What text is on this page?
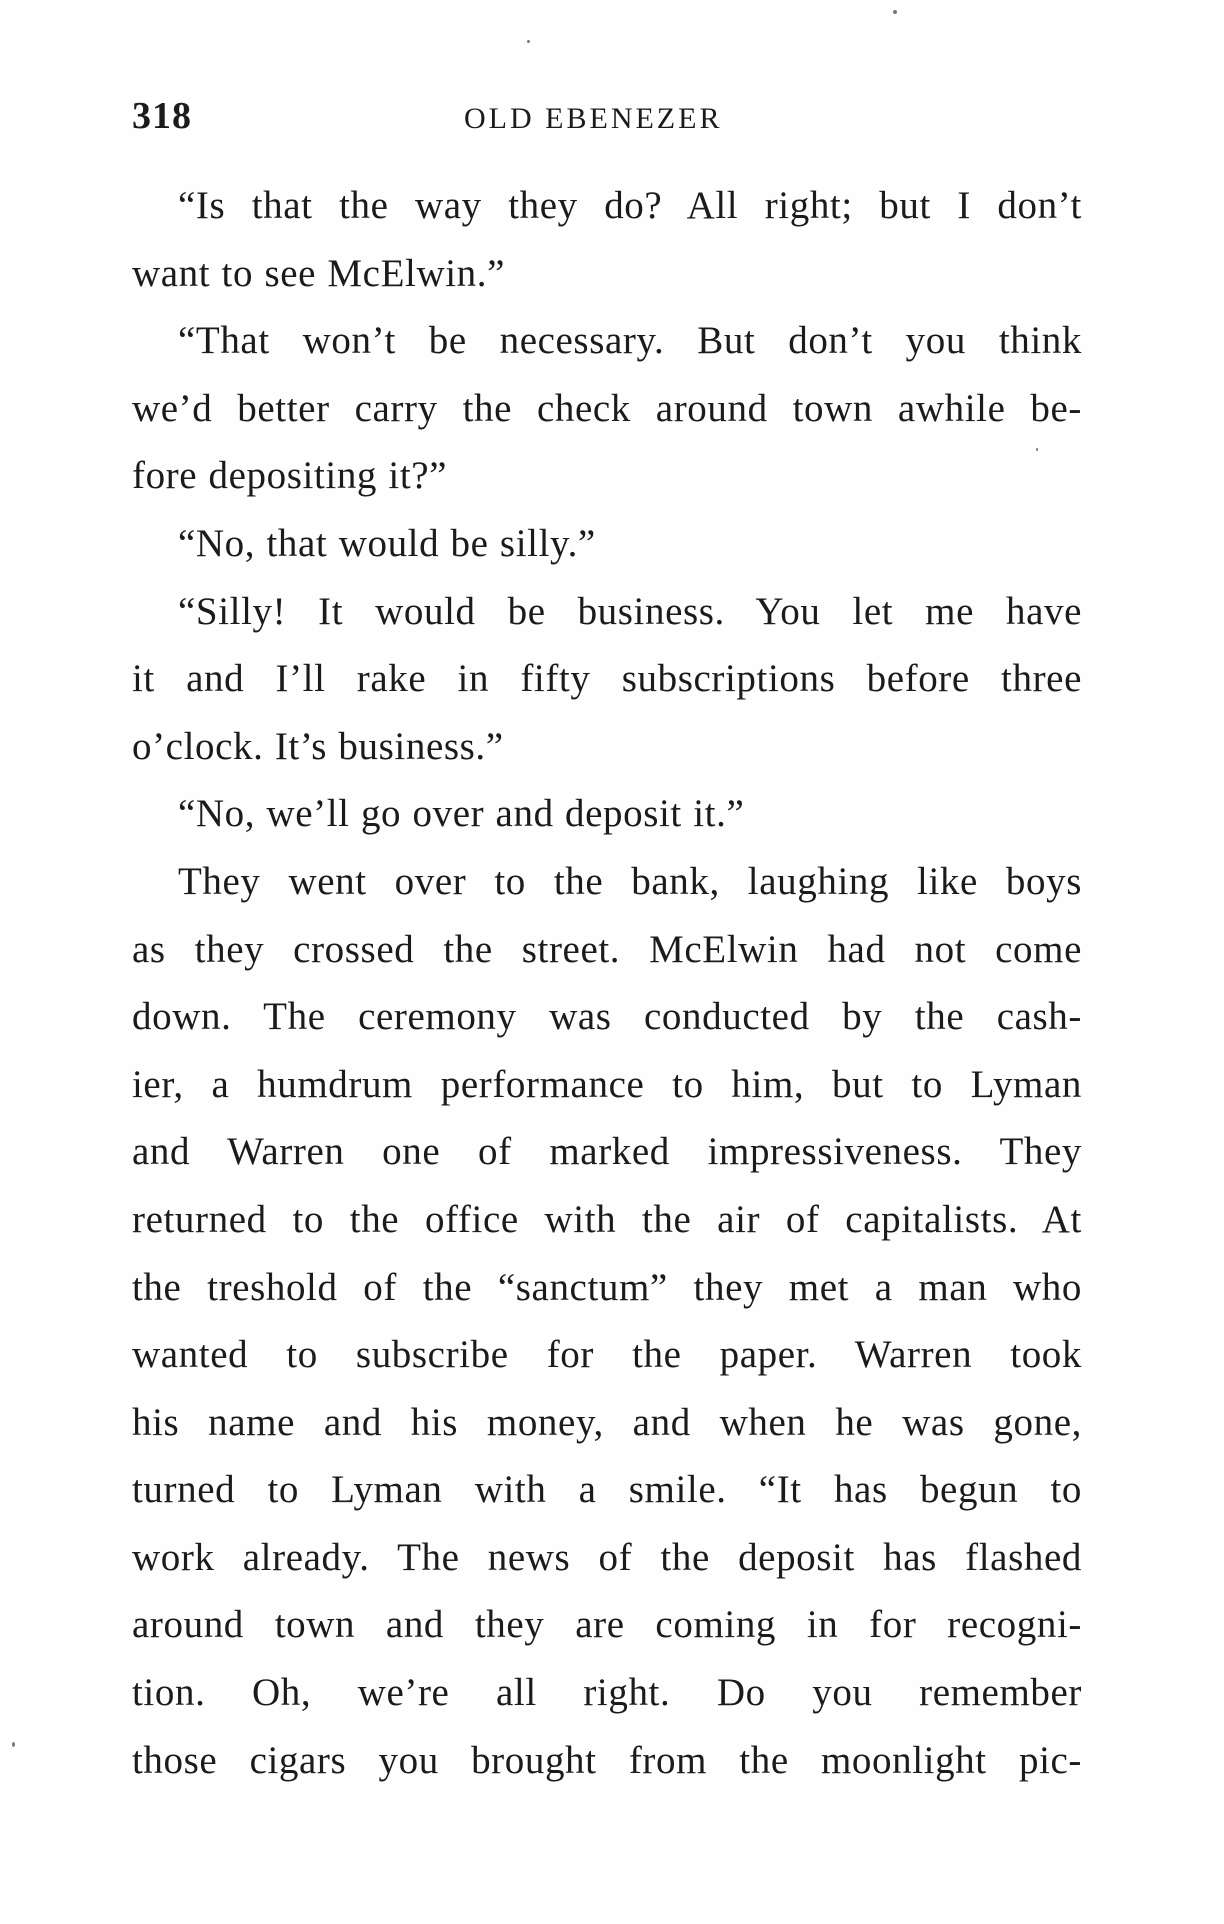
318	OLD EBENEZER
“Is that the way they do? All right; but I don’t
want to see McElwin.”
“That won’t be necessary. But don’t you think
we’d better carry the check around town awhile be-
fore depositing it?”
“No, that would be silly.”
“Silly! It would be business. You let me have
it and I’ll rake in fifty subscriptions before three
o’clock. It’s business.”
“No, we’ll go over and deposit it.”
They went over to the bank, laughing like boys
as they crossed the street. McElwin had not come
down. The ceremony was conducted by the cash-
ier, a humdrum performance to him, but to Lyman
and Warren one of marked impressiveness. They
returned to the office with the air of capitalists. At
the treshold of the “sanctum” they met a man who
wanted to subscribe for the paper. Warren took
his name and his money, and when he was gone,
turned to Lyman with a smile. “It has begun to
work already. The news of the deposit has flashed
around town and they are coming in for recogni-
tion. Oh, we’re all right. Do you remember
those cigars you brought from the moonlight pic-
